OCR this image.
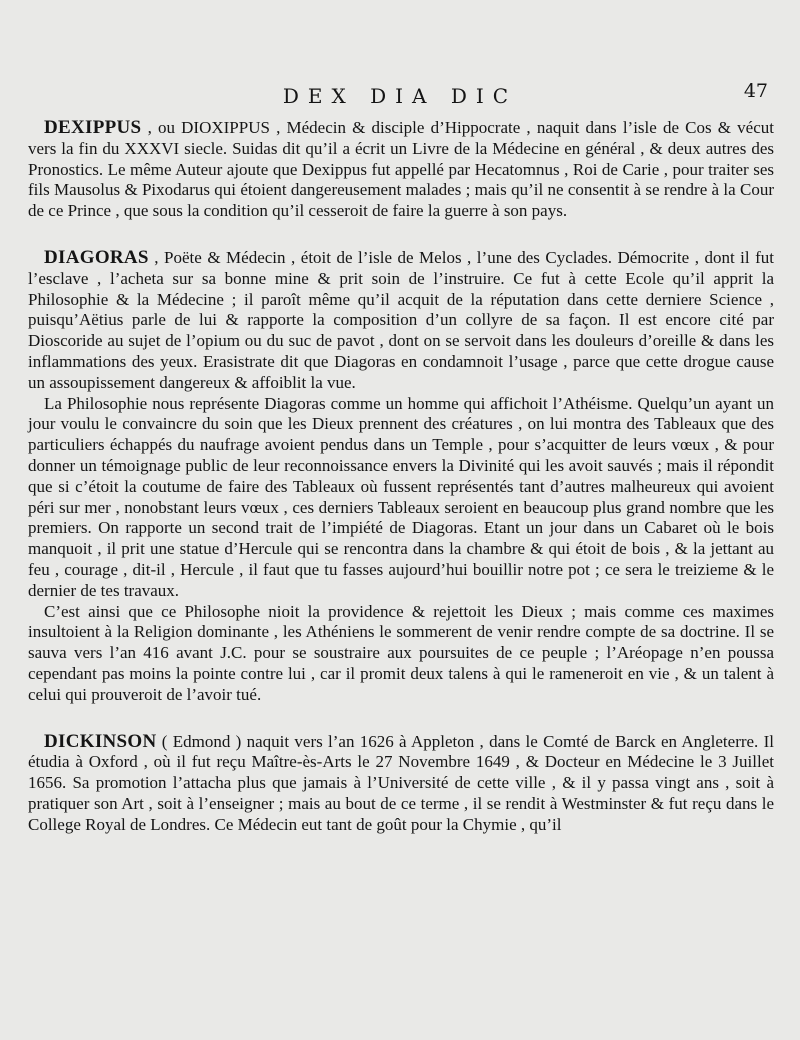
DEX DIA DIC	47

DEXIPPUS , ou DIOXIPPUS , Médecin & disciple d’Hippocrate , naquit dans l’isle de Cos & vécut vers la fin du XXXVI siecle. Suidas dit qu’il a écrit un Livre de la Médecine en général , & deux autres des Pronostics. Le même Auteur ajoute que Dexippus fut appellé par Hecatomnus , Roi de Carie , pour traiter ses fils Mausolus & Pixodarus qui étoient dangereusement malades ; mais qu’il ne consentit à se rendre à la Cour de ce Prince , que sous la condition qu’il cesseroit de faire la guerre à son pays.

DIAGORAS , Poëte & Médecin , étoit de l’isle de Melos , l’une des Cyclades. Démocrite , dont il fut l’esclave , l’acheta sur sa bonne mine & prit soin de l’instruire. Ce fut à cette Ecole qu’il apprit la Philosophie & la Médecine ; il paroît même qu’il acquit de la réputation dans cette derniere Science , puisqu’Aëtius parle de lui & rapporte la composition d’un collyre de sa façon. Il est encore cité par Dioscoride au sujet de l’opium ou du suc de pavot , dont on se servoit dans les douleurs d’oreille & dans les inflammations des yeux. Erasistrate dit que Diagoras en condamnoit l’usage , parce que cette drogue cause un assoupissement dangereux & affoiblit la vue.

La Philosophie nous représente Diagoras comme un homme qui affichoit l’Athéisme. Quelqu’un ayant un jour voulu le convaincre du soin que les Dieux prennent des créatures , on lui montra des Tableaux que des particuliers échappés du naufrage avoient pendus dans un Temple , pour s’acquitter de leurs vœux , & pour donner un témoignage public de leur reconnoissance envers la Divinité qui les avoit sauvés ; mais il répondit que si c’étoit la coutume de faire des Tableaux où fussent représentés tant d’autres malheureux qui avoient péri sur mer , nonobstant leurs vœux , ces derniers Tableaux seroient en beaucoup plus grand nombre que les premiers. On rapporte un second trait de l’impiété de Diagoras. Etant un jour dans un Cabaret où le bois manquoit , il prit une statue d’Hercule qui se rencontra dans la chambre & qui étoit de bois , & la jettant au feu , courage , dit-il , Hercule , il faut que tu fasses aujourd’hui bouillir notre pot ; ce sera le treizieme & le dernier de tes travaux.

C’est ainsi que ce Philosophe nioit la providence & rejettoit les Dieux ; mais comme ces maximes insultoient à la Religion dominante , les Athéniens le sommerent de venir rendre compte de sa doctrine. Il se sauva vers l’an 416 avant J.C. pour se soustraire aux poursuites de ce peuple ; l’Aréopage n’en poussa cependant pas moins la pointe contre lui , car il promit deux talens à qui le rameneroit en vie , & un talent à celui qui prouveroit de l’avoir tué.

DICKINSON ( Edmond ) naquit vers l’an 1626 à Appleton , dans le Comté de Barck en Angleterre. Il étudia à Oxford , où il fut reçu Maître-ès-Arts le 27 Novembre 1649 , & Docteur en Médecine le 3 Juillet 1656. Sa promotion l’attacha plus que jamais à l’Université de cette ville , & il y passa vingt ans , soit à pratiquer son Art , soit à l’enseigner ; mais au bout de ce terme , il se rendit à Westminster & fut reçu dans le College Royal de Londres. Ce Médecin eut tant de goût pour la Chymie , qu’il
